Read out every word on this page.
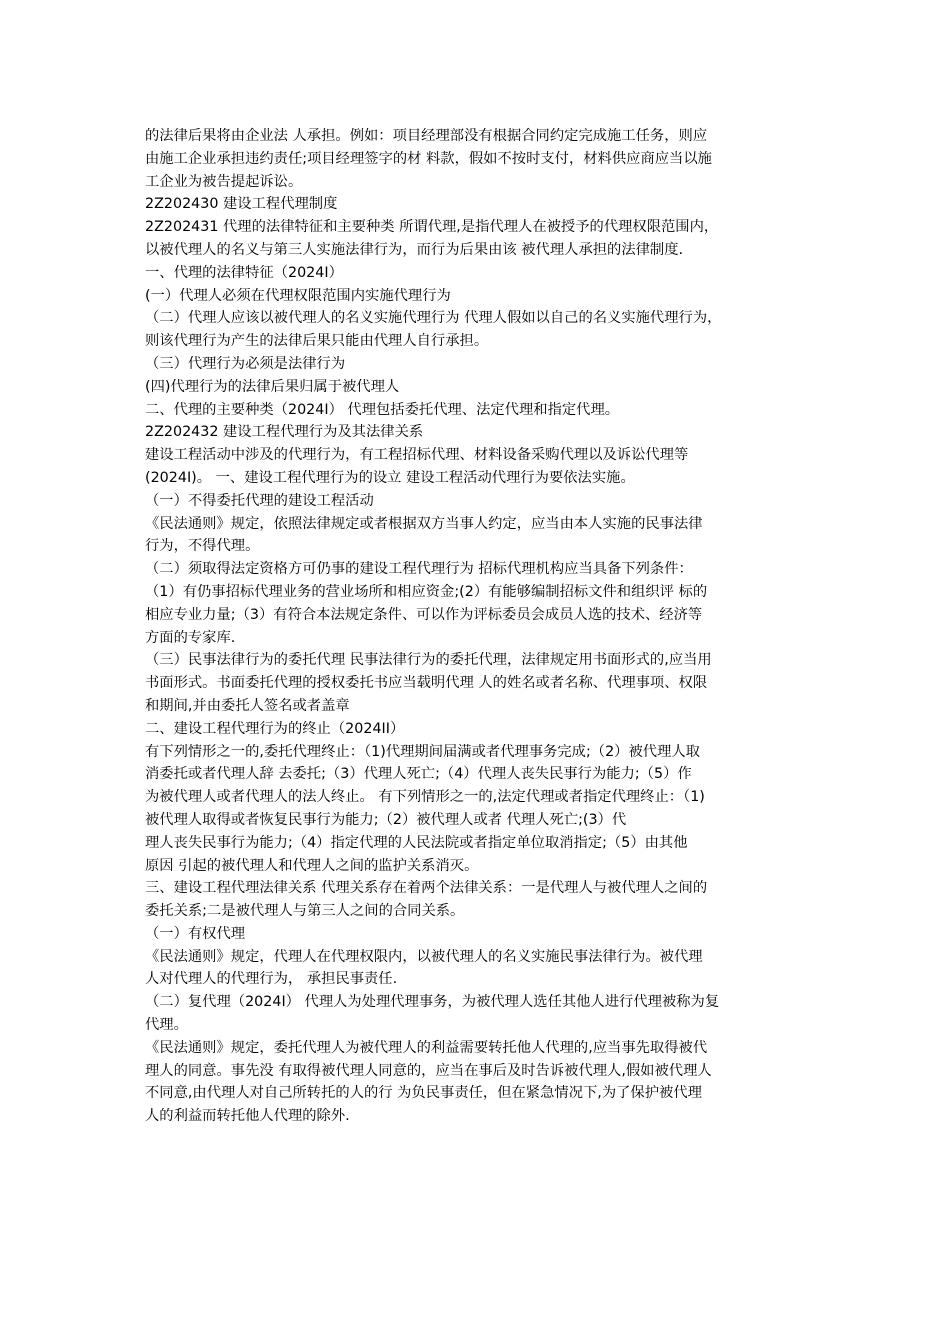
的法律后果将由企业法 人承担。例如：项目经理部没有根据合同约定完成施工任务，则应
由施工企业承担违约责任;项目经理签字的材 料款，假如不按时支付，材料供应商应当以施
工企业为被告提起诉讼。
2Z202430 建设工程代理制度
2Z202431 代理的法律特征和主要种类 所谓代理,是指代理人在被授予的代理权限范围内，
以被代理人的名义与第三人实施法律行为，而行为后果由该 被代理人承担的法律制度.
一、代理的法律特征（2024I）
(一）代理人必须在代理权限范围内实施代理行为
（二）代理人应该以被代理人的名义实施代理行为 代理人假如以自己的名义实施代理行为，
则该代理行为产生的法律后果只能由代理人自行承担。
（三）代理行为必须是法律行为
(四)代理行为的法律后果归属于被代理人
二、代理的主要种类（2024I） 代理包括委托代理、法定代理和指定代理。
2Z202432 建设工程代理行为及其法律关系
建设工程活动中涉及的代理行为，有工程招标代理、材料设备采购代理以及诉讼代理等
(2024I)。 一、建设工程代理行为的设立 建设工程活动代理行为要依法实施。
（一）不得委托代理的建设工程活动
《民法通则》规定，依照法律规定或者根据双方当事人约定，应当由本人实施的民事法律
行为，不得代理。
（二）须取得法定资格方可仍事的建设工程代理行为 招标代理机构应当具备下列条件：
（1）有仍事招标代理业务的营业场所和相应资金;(2）有能够编制招标文件和组织评 标的
相应专业力量;（3）有符合本法规定条件、可以作为评标委员会成员人选的技术、经济等
方面的专家库.
（三）民事法律行为的委托代理 民事法律行为的委托代理，法律规定用书面形式的,应当用
书面形式。书面委托代理的授权委托书应当载明代理 人的姓名或者名称、代理事项、权限
和期间,并由委托人签名或者盖章
二、建设工程代理行为的终止（2024II）
有下列情形之一的,委托代理终止：（1)代理期间届满或者代理事务完成;（2）被代理人取
消委托或者代理人辞 去委托;（3）代理人死亡;（4）代理人丧失民事行为能力;（5）作
为被代理人或者代理人的法人终止。 有下列情形之一的,法定代理或者指定代理终止：（1)
被代理人取得或者恢复民事行为能力;（2）被代理人或者 代理人死亡;(3）代
理人丧失民事行为能力;（4）指定代理的人民法院或者指定单位取消指定;（5）由其他
原因 引起的被代理人和代理人之间的监护关系消灭。
三、建设工程代理法律关系 代理关系存在着两个法律关系：一是代理人与被代理人之间的
委托关系;二是被代理人与第三人之间的合同关系。
（一）有权代理
《民法通则》规定，代理人在代理权限内，以被代理人的名义实施民事法律行为。被代理
人对代理人的代理行为， 承担民事责任.
（二）复代理（2024I） 代理人为处理代理事务，为被代理人选任其他人进行代理被称为复
代理。
《民法通则》规定，委托代理人为被代理人的利益需要转托他人代理的,应当事先取得被代
理人的同意。事先没 有取得被代理人同意的，应当在事后及时告诉被代理人,假如被代理人
不同意,由代理人对自己所转托的人的行 为负民事责任，但在紧急情况下,为了保护被代理
人的利益而转托他人代理的除外.
